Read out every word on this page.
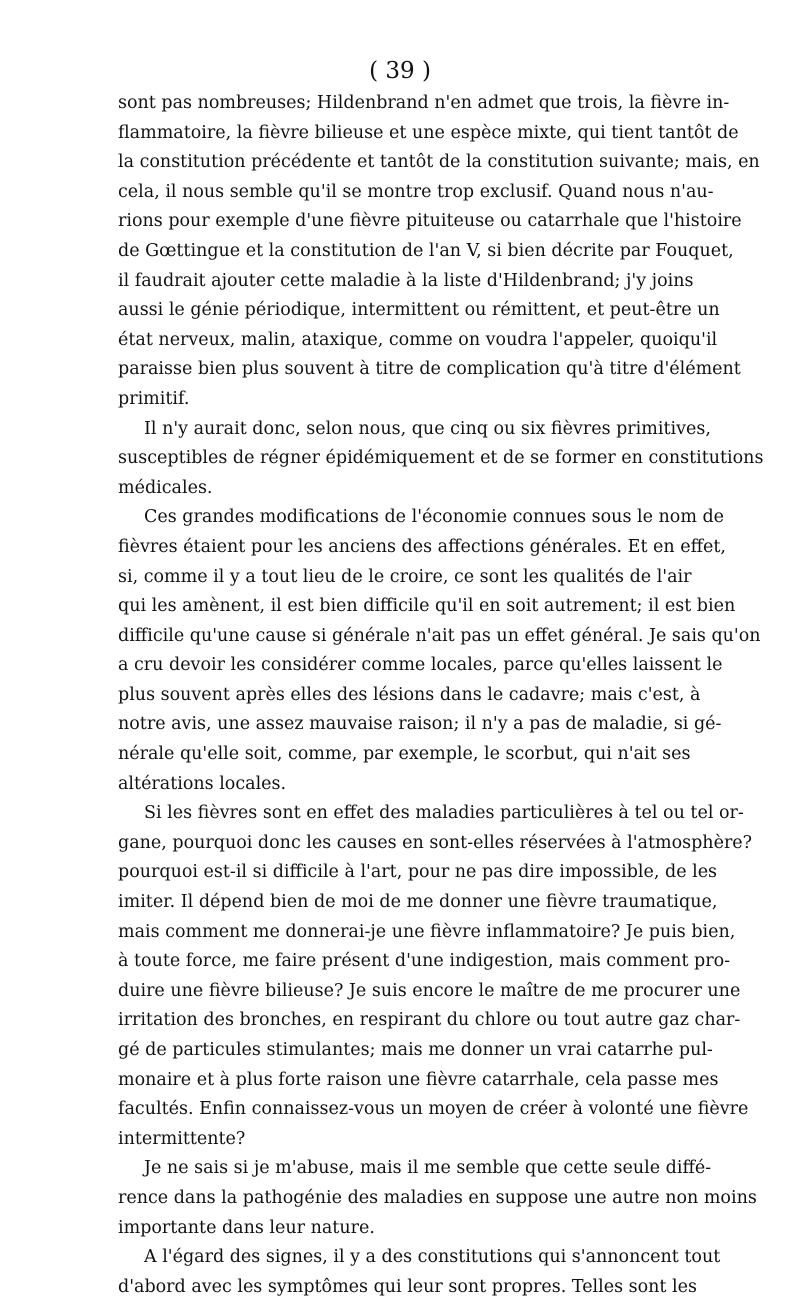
( 39 )
sont pas nombreuses; Hildenbrand n'en admet que trois, la fièvre in-
flammatoire, la fièvre bilieuse et une espèce mixte, qui tient tantôt de
la constitution précédente et tantôt de la constitution suivante; mais, en
cela, il nous semble qu'il se montre trop exclusif. Quand nous n'au-
rions pour exemple d'une fièvre pituiteuse ou catarrhale que l'histoire
de Gœttingue et la constitution de l'an V, si bien décrite par Fouquet,
il faudrait ajouter cette maladie à la liste d'Hildenbrand; j'y joins
aussi le génie périodique, intermittent ou rémittent, et peut-être un
état nerveux, malin, ataxique, comme on voudra l'appeler, quoiqu'il
paraisse bien plus souvent à titre de complication qu'à titre d'élément
primitif.
Il n'y aurait donc, selon nous, que cinq ou six fièvres primitives,
susceptibles de régner épidémiquement et de se former en constitutions
médicales.
Ces grandes modifications de l'économie connues sous le nom de
fièvres étaient pour les anciens des affections générales. Et en effet,
si, comme il y a tout lieu de le croire, ce sont les qualités de l'air
qui les amènent, il est bien difficile qu'il en soit autrement; il est bien
difficile qu'une cause si générale n'ait pas un effet général. Je sais qu'on
a cru devoir les considérer comme locales, parce qu'elles laissent le
plus souvent après elles des lésions dans le cadavre; mais c'est, à
notre avis, une assez mauvaise raison; il n'y a pas de maladie, si gé-
nérale qu'elle soit, comme, par exemple, le scorbut, qui n'ait ses
altérations locales.
Si les fièvres sont en effet des maladies particulières à tel ou tel or-
gane, pourquoi donc les causes en sont-elles réservées à l'atmosphère?
pourquoi est-il si difficile à l'art, pour ne pas dire impossible, de les
imiter. Il dépend bien de moi de me donner une fièvre traumatique,
mais comment me donnerai-je une fièvre inflammatoire? Je puis bien,
à toute force, me faire présent d'une indigestion, mais comment pro-
duire une fièvre bilieuse? Je suis encore le maître de me procurer une
irritation des bronches, en respirant du chlore ou tout autre gaz char-
gé de particules stimulantes; mais me donner un vrai catarrhe pul-
monaire et à plus forte raison une fièvre catarrhale, cela passe mes
facultés. Enfin connaissez-vous un moyen de créer à volonté une fièvre
intermittente?
Je ne sais si je m'abuse, mais il me semble que cette seule diffé-
rence dans la pathogénie des maladies en suppose une autre non moins
importante dans leur nature.
A l'égard des signes, il y a des constitutions qui s'annoncent tout
d'abord avec les symptômes qui leur sont propres. Telles sont les
